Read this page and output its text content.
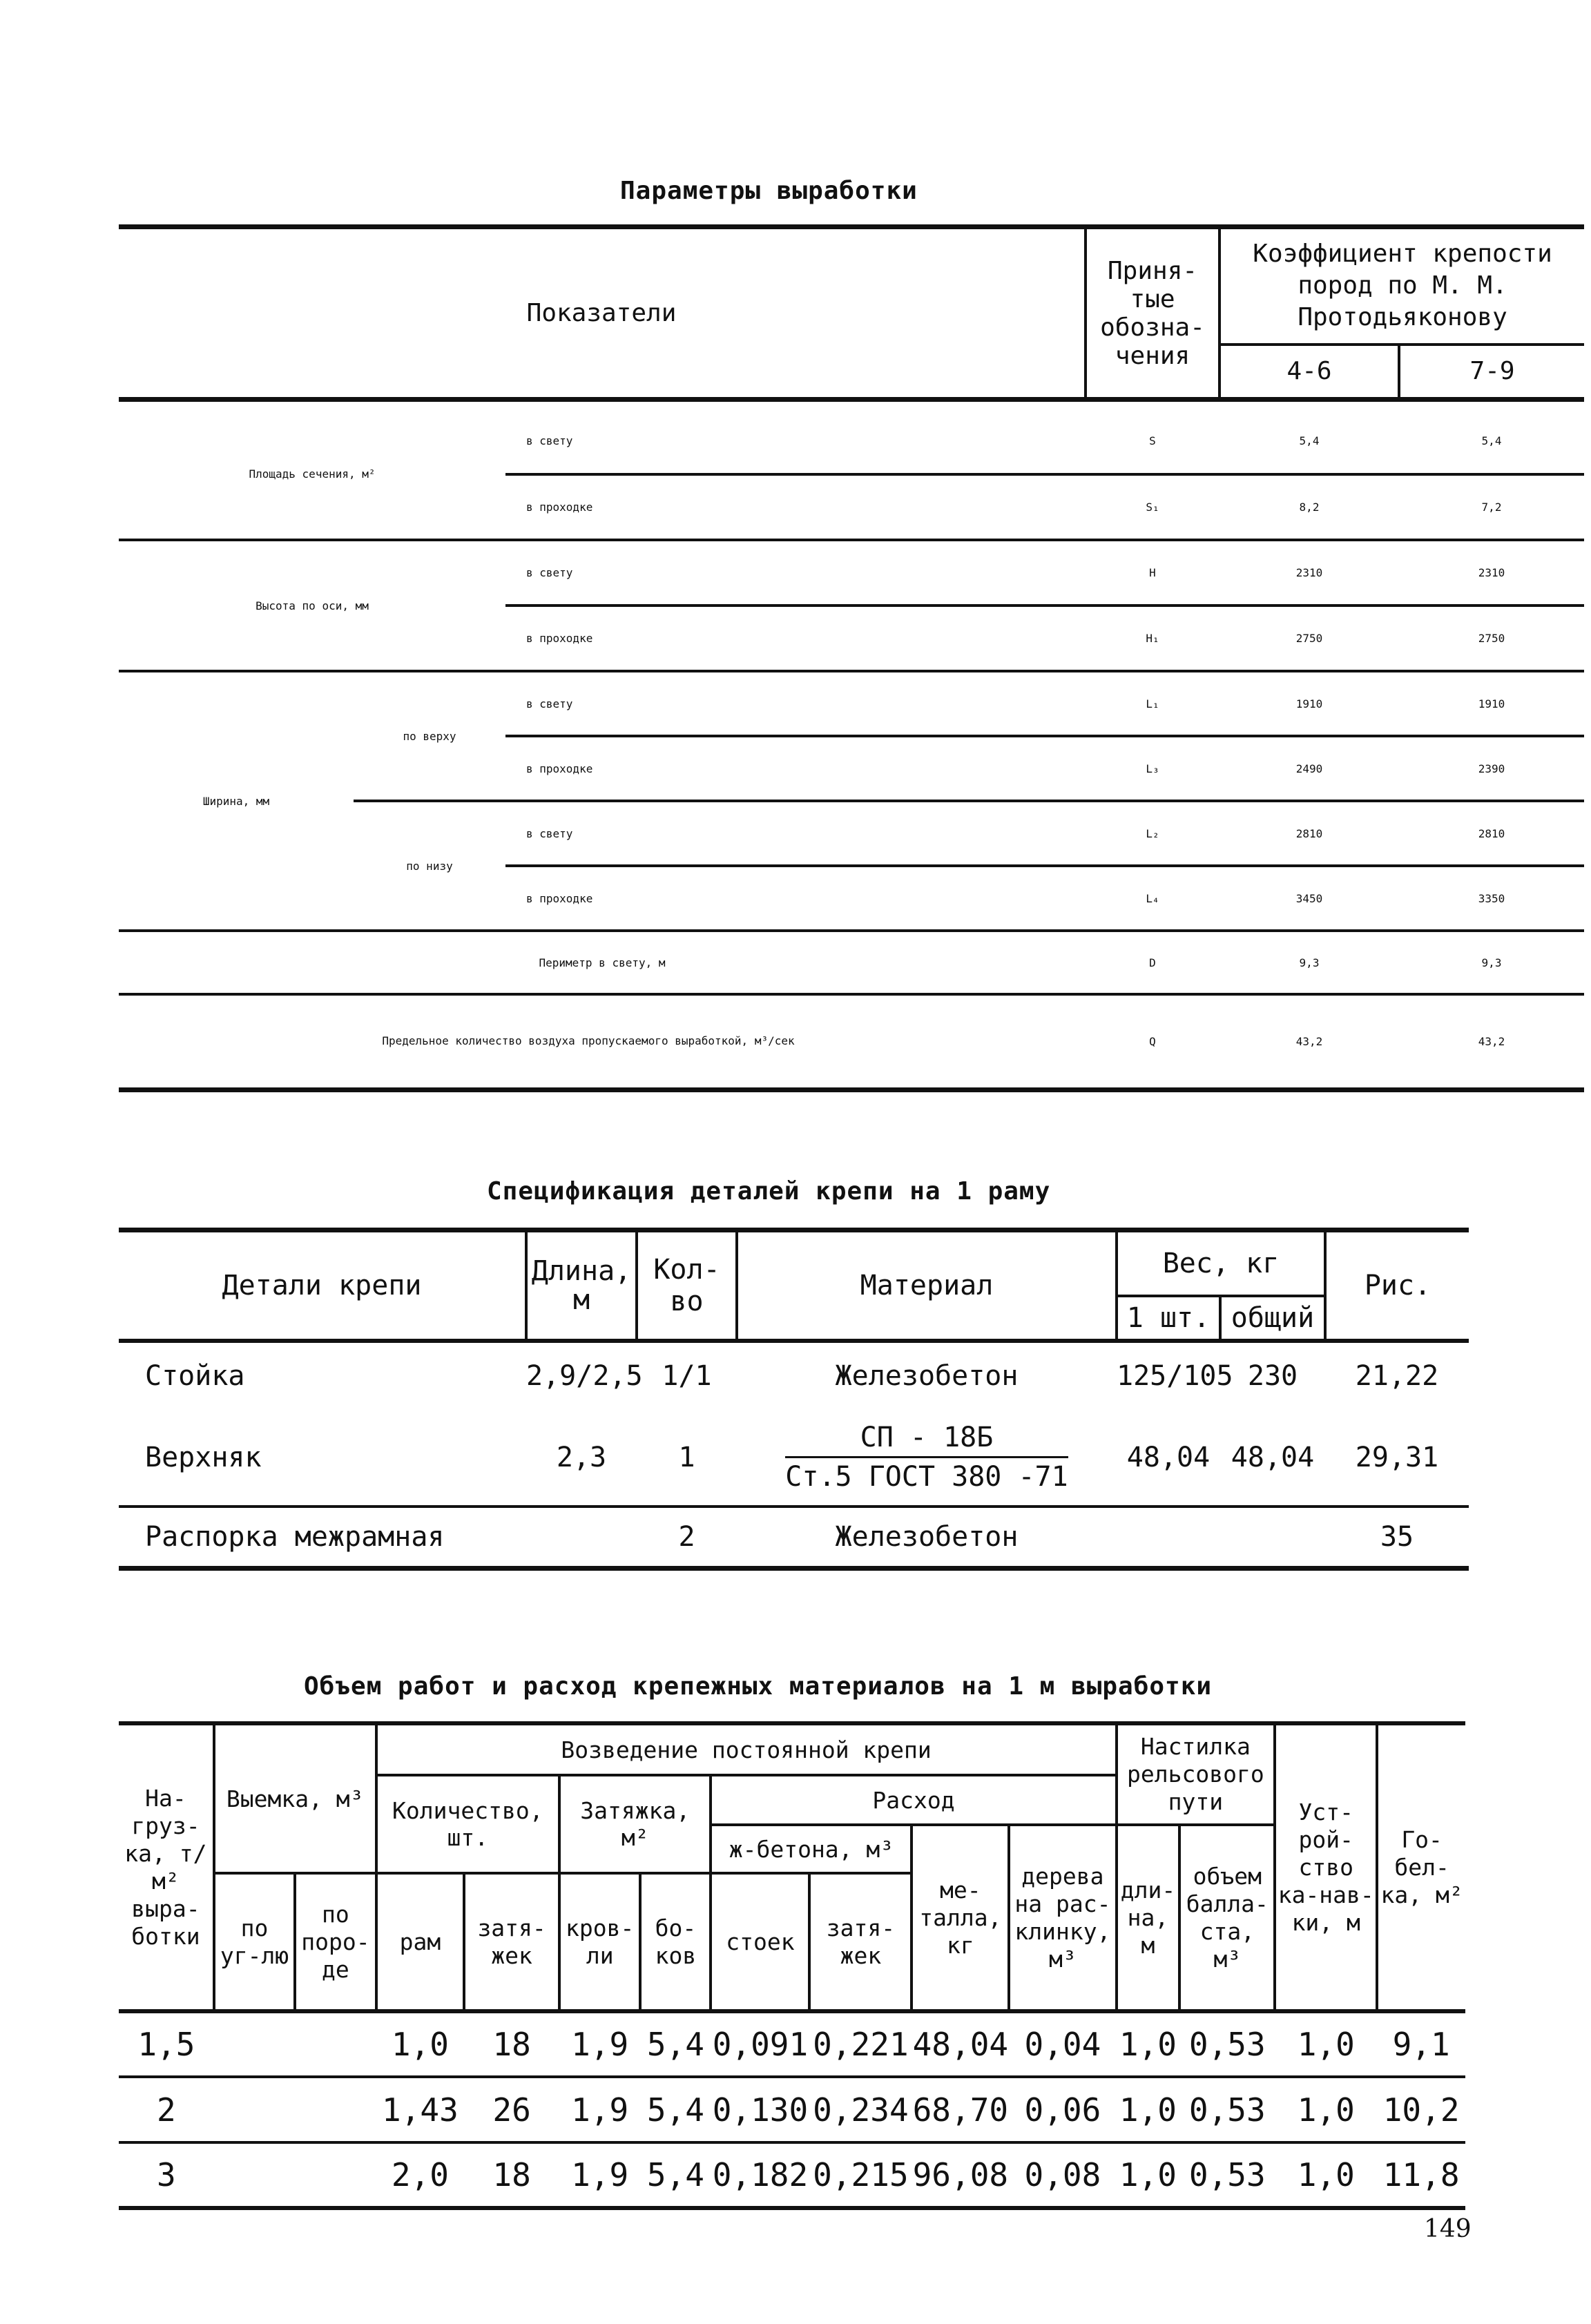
Параметры выработки
Показатели	Приня-тые обозна-чения	Коэффициент крепости пород по М. М. Протодьяконову	
		4-6	7-9
Площадь сечения, м²		в свету	S	5,4	5,4
		в проходке	S₁	8,2	7,2
Высота по оси, мм		в свету	H	2310	2310
		в проходке	H₁	2750	2750
Ширина, мм	по верху	в свету	L₁	1910	1910
		в проходке	L₃	2490	2390
	по низу	в свету	L₂	2810	2810
		в проходке	L₄	3450	3350
Периметр в свету, м			D	9,3	9,3
Предельное количество воздуха пропускаемого выработкой, м³/сек			Q	43,2	43,2
Спецификация деталей крепи на 1 раму
Детали крепи	Длина, м	Кол-во	Материал	Вес, кг		Рис.
				1 шт.	общий	
Стойка	2,9/2,5	1/1	Железобетон	125/105	230	21,22
Верхняк	2,3	1	$\frac{СП - 18Б}{\text{Ст.5 ГОСТ 380 -71}}$	48,04	48,04	29,31
Распорка межрамная		2	Железобетон			35
Объем работ и расход крепежных материалов на 1 м выработки
На-груз-ка, т/м² выра-ботки	Выемка, м³		Возведение постоянной крепи								Настилка рельсового пути		Уст-рой-ство ка-нав-ки, м	Го-бел-ка, м²
			Количество, шт.		Затяжка, м²		Расход							
							ж-бетона, м³		ме-талла, кг	дерева на рас-клинку, м³	дли-на, м	объем балла-ста, м³		
	по уг-лю	по поро-де	рам	затя-жек	кров-ли	бо-ков	стоек	затя-жек						
1,5			1,0	18	1,9	5,4	0,091	0,221	48,04	0,04	1,0	0,53	1,0	9,1
2			1,43	26	1,9	5,4	0,130	0,234	68,70	0,06	1,0	0,53	1,0	10,2
3			2,0	18	1,9	5,4	0,182	0,215	96,08	0,08	1,0	0,53	1,0	11,8
149
